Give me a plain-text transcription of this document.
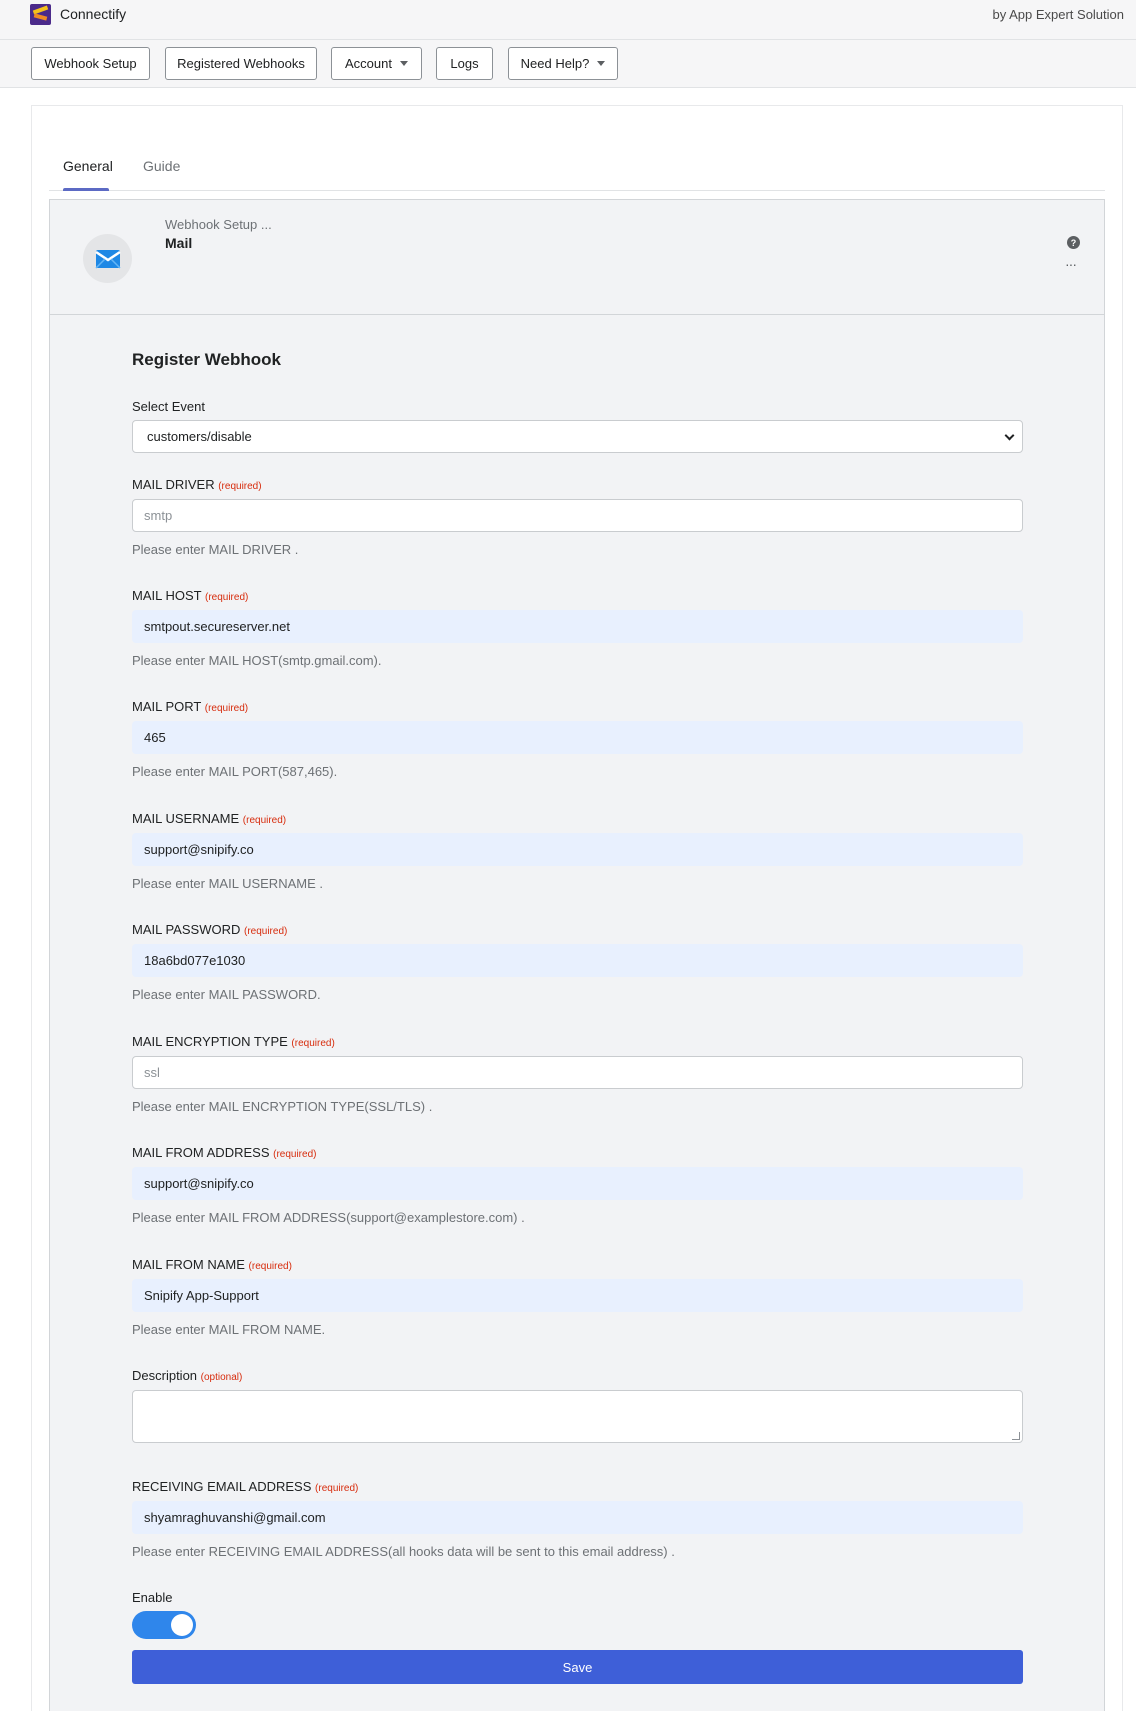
Connectify	by App Expert Solution
Webhook Setup	Registered Webhooks	Account	Logs	Need Help?
General Guide
Webhook Setup ...
Mail	?
···
Register Webhook
Select Event
customers/disable
MAIL DRIVER (required)
smtp
Please enter MAIL DRIVER .
MAIL HOST (required)
smtpout.secureserver.net
Please enter MAIL HOST(smtp.gmail.com).
MAIL PORT (required)
465
Please enter MAIL PORT(587,465).
MAIL USERNAME (required)
support@snipify.co
Please enter MAIL USERNAME .
MAIL PASSWORD (required)
18a6bd077e1030
Please enter MAIL PASSWORD.
MAIL ENCRYPTION TYPE (required)
ssl
Please enter MAIL ENCRYPTION TYPE(SSL/TLS) .
MAIL FROM ADDRESS (required)
support@snipify.co
Please enter MAIL FROM ADDRESS(support@examplestore.com) .
MAIL FROM NAME (required)
Snipify App-Support
Please enter MAIL FROM NAME.
Description (optional)
RECEIVING EMAIL ADDRESS (required)
shyamraghuvanshi@gmail.com
Please enter RECEIVING EMAIL ADDRESS(all hooks data will be sent to this email address) .
Enable
Save
